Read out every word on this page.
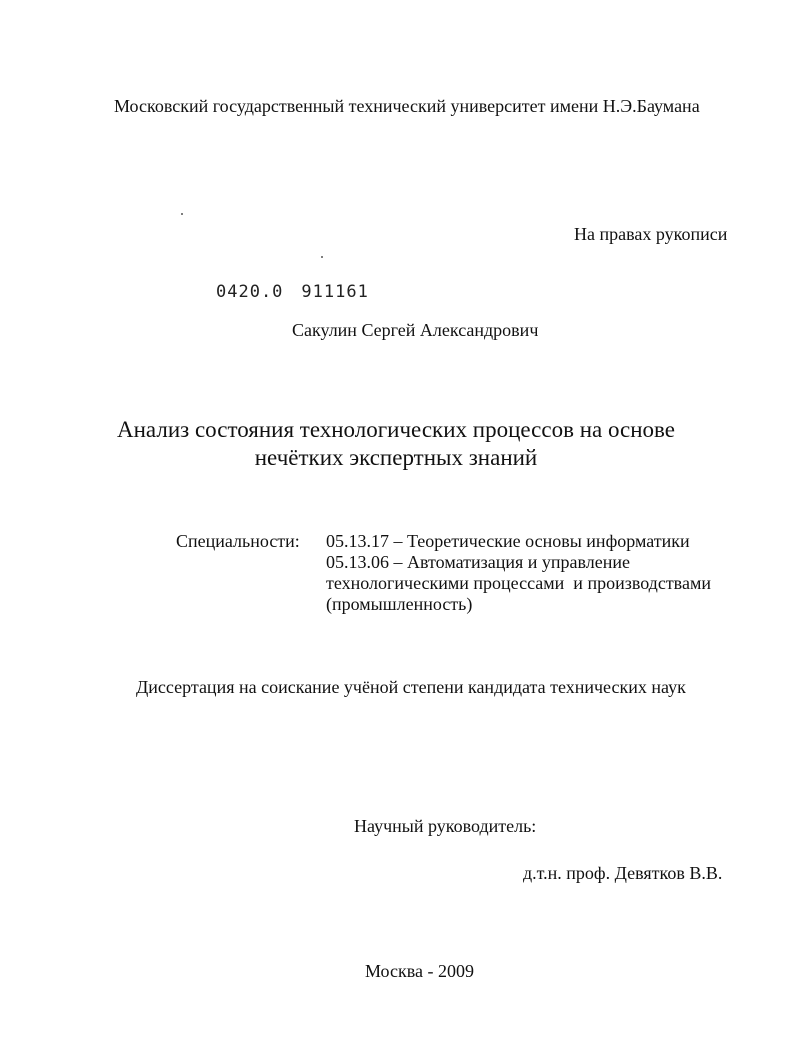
Московский государственный технический университет имени Н.Э.Баумана
На правах рукописи
0420.0 911161
Сакулин Сергей Александрович
Анализ состояния технологических процессов на основе
нечётких экспертных знаний
Специальности: 05.13.17 – Теоретические основы информатики
05.13.06 – Автоматизация и управление
технологическими процессами  и производствами
(промышленность)
Диссертация на соискание учёной степени кандидата технических наук
Научный руководитель:
д.т.н. проф. Девятков В.В.
Москва - 2009
